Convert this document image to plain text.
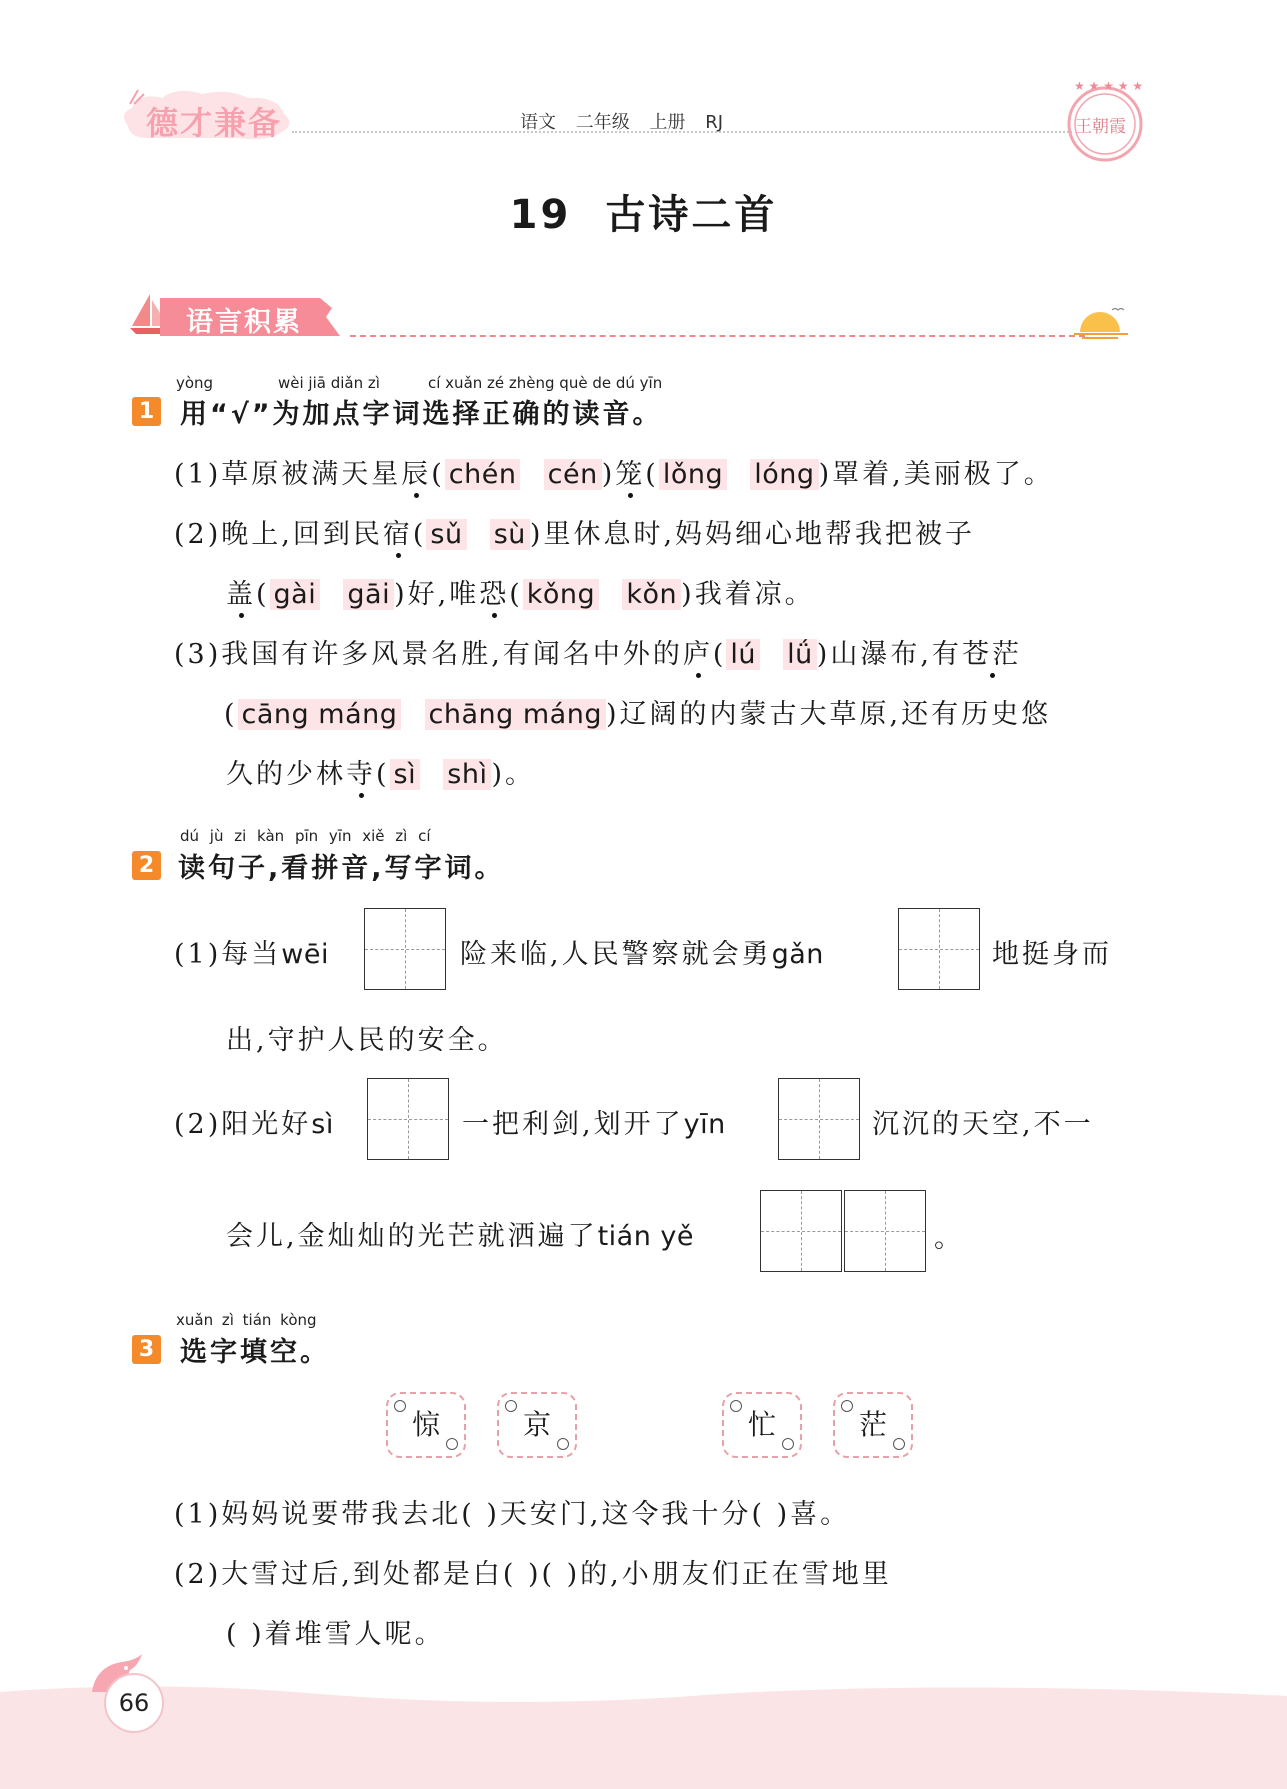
德才兼备	语文 二年级 上册 RJ
★ ★ ★ ★ ★
王朝霞
19 古诗二首
语言积累
yòng	wèi jiā diǎn zì	cí xuǎn zé zhèng què de dú yīn
1 用“√”为加点字词选择正确的读音。
(1)草原被满天星辰( chén cén )笼( lǒng lóng )罩着,美丽极了。
(2)晚上,回到民宿( sǔ sù )里休息时,妈妈细心地帮我把被子
盖( gài gāi )好,唯恐( kǒng kǒn )我着凉。
(3)我国有许多风景名胜,有闻名中外的庐( lú lǘ )山瀑布,有苍茫
( cāng máng chāng máng )辽阔的内蒙古大草原,还有历史悠
久的少林寺( sì shì )。
dú jù zi kàn pīn yīn xiě zì cí
2 读句子,看拼音,写字词。
(1)每当wēi	险来临,人民警察就会勇gǎn	地挺身而
出,守护人民的安全。
(2)阳光好sì	一把利剑,划开了yīn	沉沉的天空,不一
会儿,金灿灿的光芒就洒遍了tián yě	。
xuǎn zì tián kòng
3 选字填空。
惊	京	忙	茫
(1)妈妈说要带我去北( )天安门,这令我十分( )喜。
(2)大雪过后,到处都是白( )( )的,小朋友们正在雪地里
( )着堆雪人呢。
66
